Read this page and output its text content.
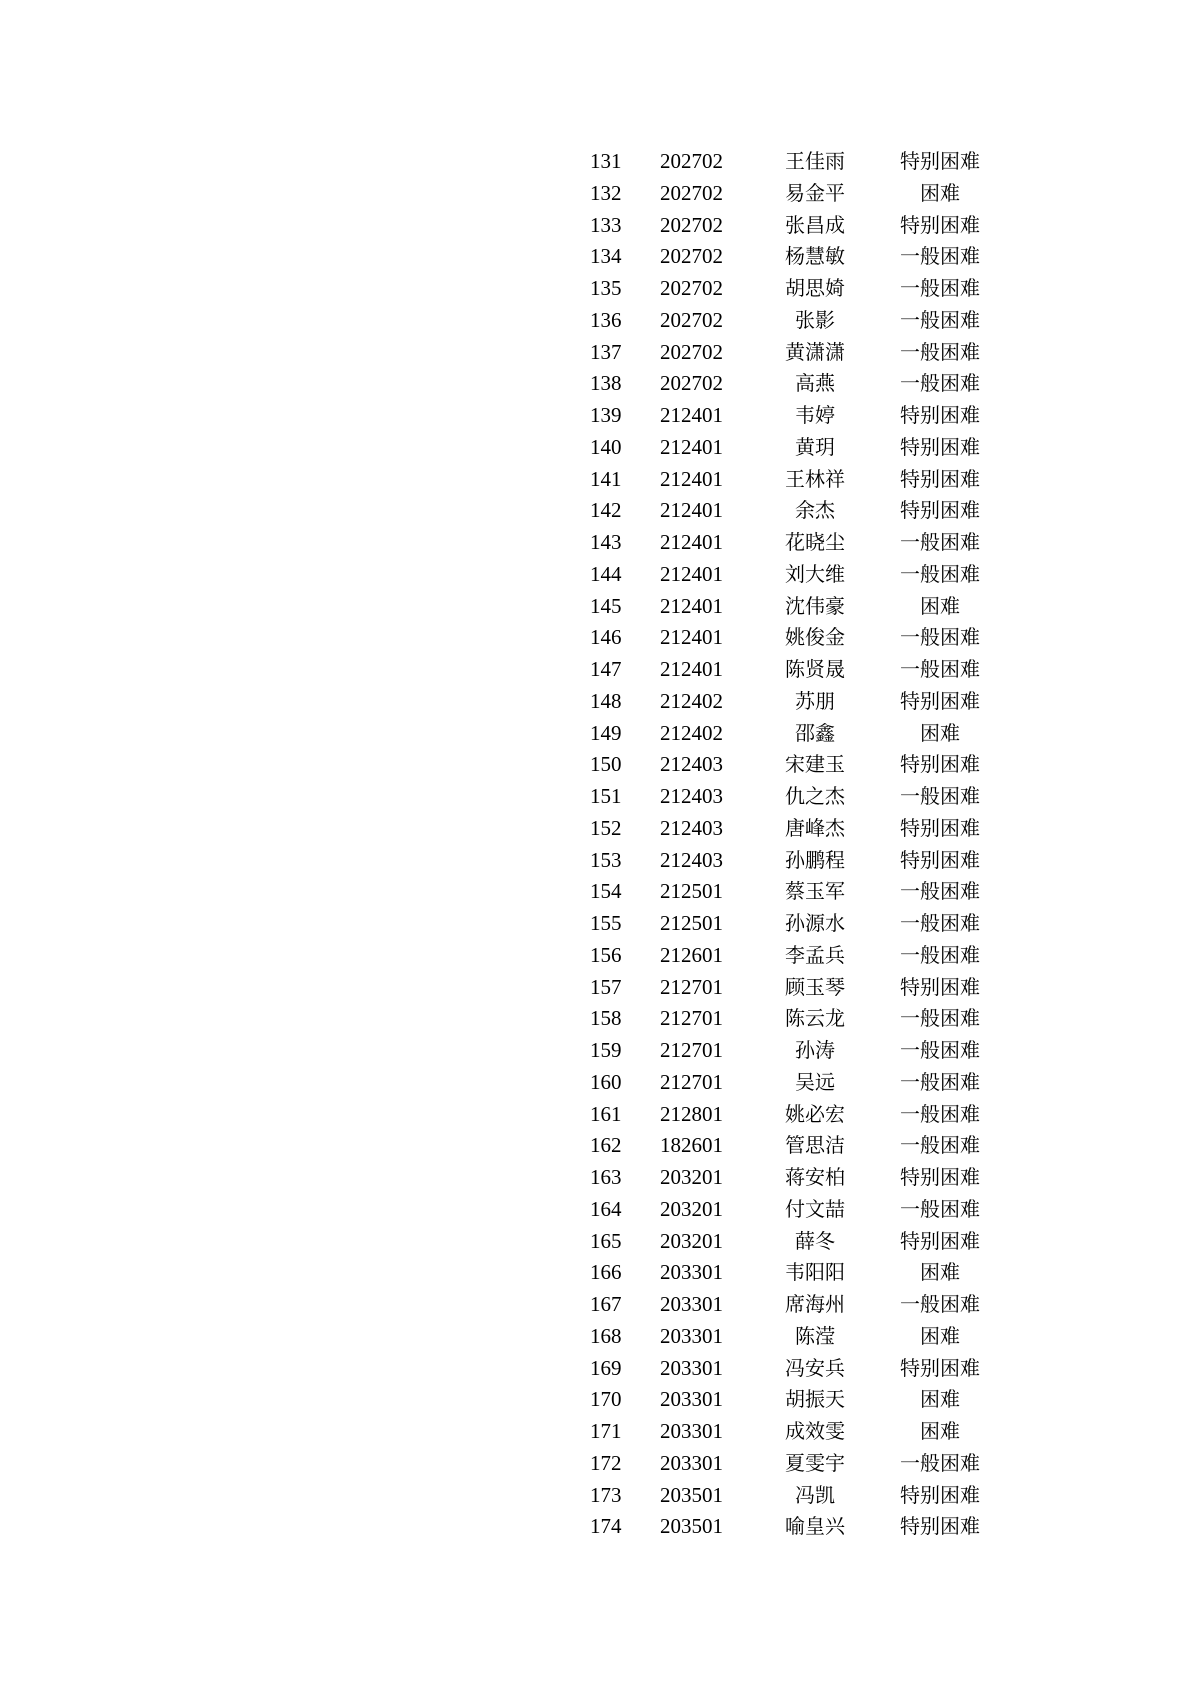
131	202702	王佳雨	特别困难
132	202702	易金平	困难
133	202702	张昌成	特别困难
134	202702	杨慧敏	一般困难
135	202702	胡思婍	一般困难
136	202702	张影	一般困难
137	202702	黄潇潇	一般困难
138	202702	高燕	一般困难
139	212401	韦婷	特别困难
140	212401	黄玥	特别困难
141	212401	王林祥	特别困难
142	212401	余杰	特别困难
143	212401	花晓尘	一般困难
144	212401	刘大维	一般困难
145	212401	沈伟豪	困难
146	212401	姚俊金	一般困难
147	212401	陈贤晟	一般困难
148	212402	苏朋	特别困难
149	212402	邵鑫	困难
150	212403	宋建玉	特别困难
151	212403	仇之杰	一般困难
152	212403	唐峰杰	特别困难
153	212403	孙鹏程	特别困难
154	212501	蔡玉军	一般困难
155	212501	孙源水	一般困难
156	212601	李孟兵	一般困难
157	212701	顾玉琴	特别困难
158	212701	陈云龙	一般困难
159	212701	孙涛	一般困难
160	212701	吴远	一般困难
161	212801	姚必宏	一般困难
162	182601	管思洁	一般困难
163	203201	蒋安柏	特别困难
164	203201	付文喆	一般困难
165	203201	薛冬	特别困难
166	203301	韦阳阳	困难
167	203301	席海州	一般困难
168	203301	陈滢	困难
169	203301	冯安兵	特别困难
170	203301	胡振天	困难
171	203301	成效雯	困难
172	203301	夏雯宇	一般困难
173	203501	冯凯	特别困难
174	203501	喻皇兴	特别困难
